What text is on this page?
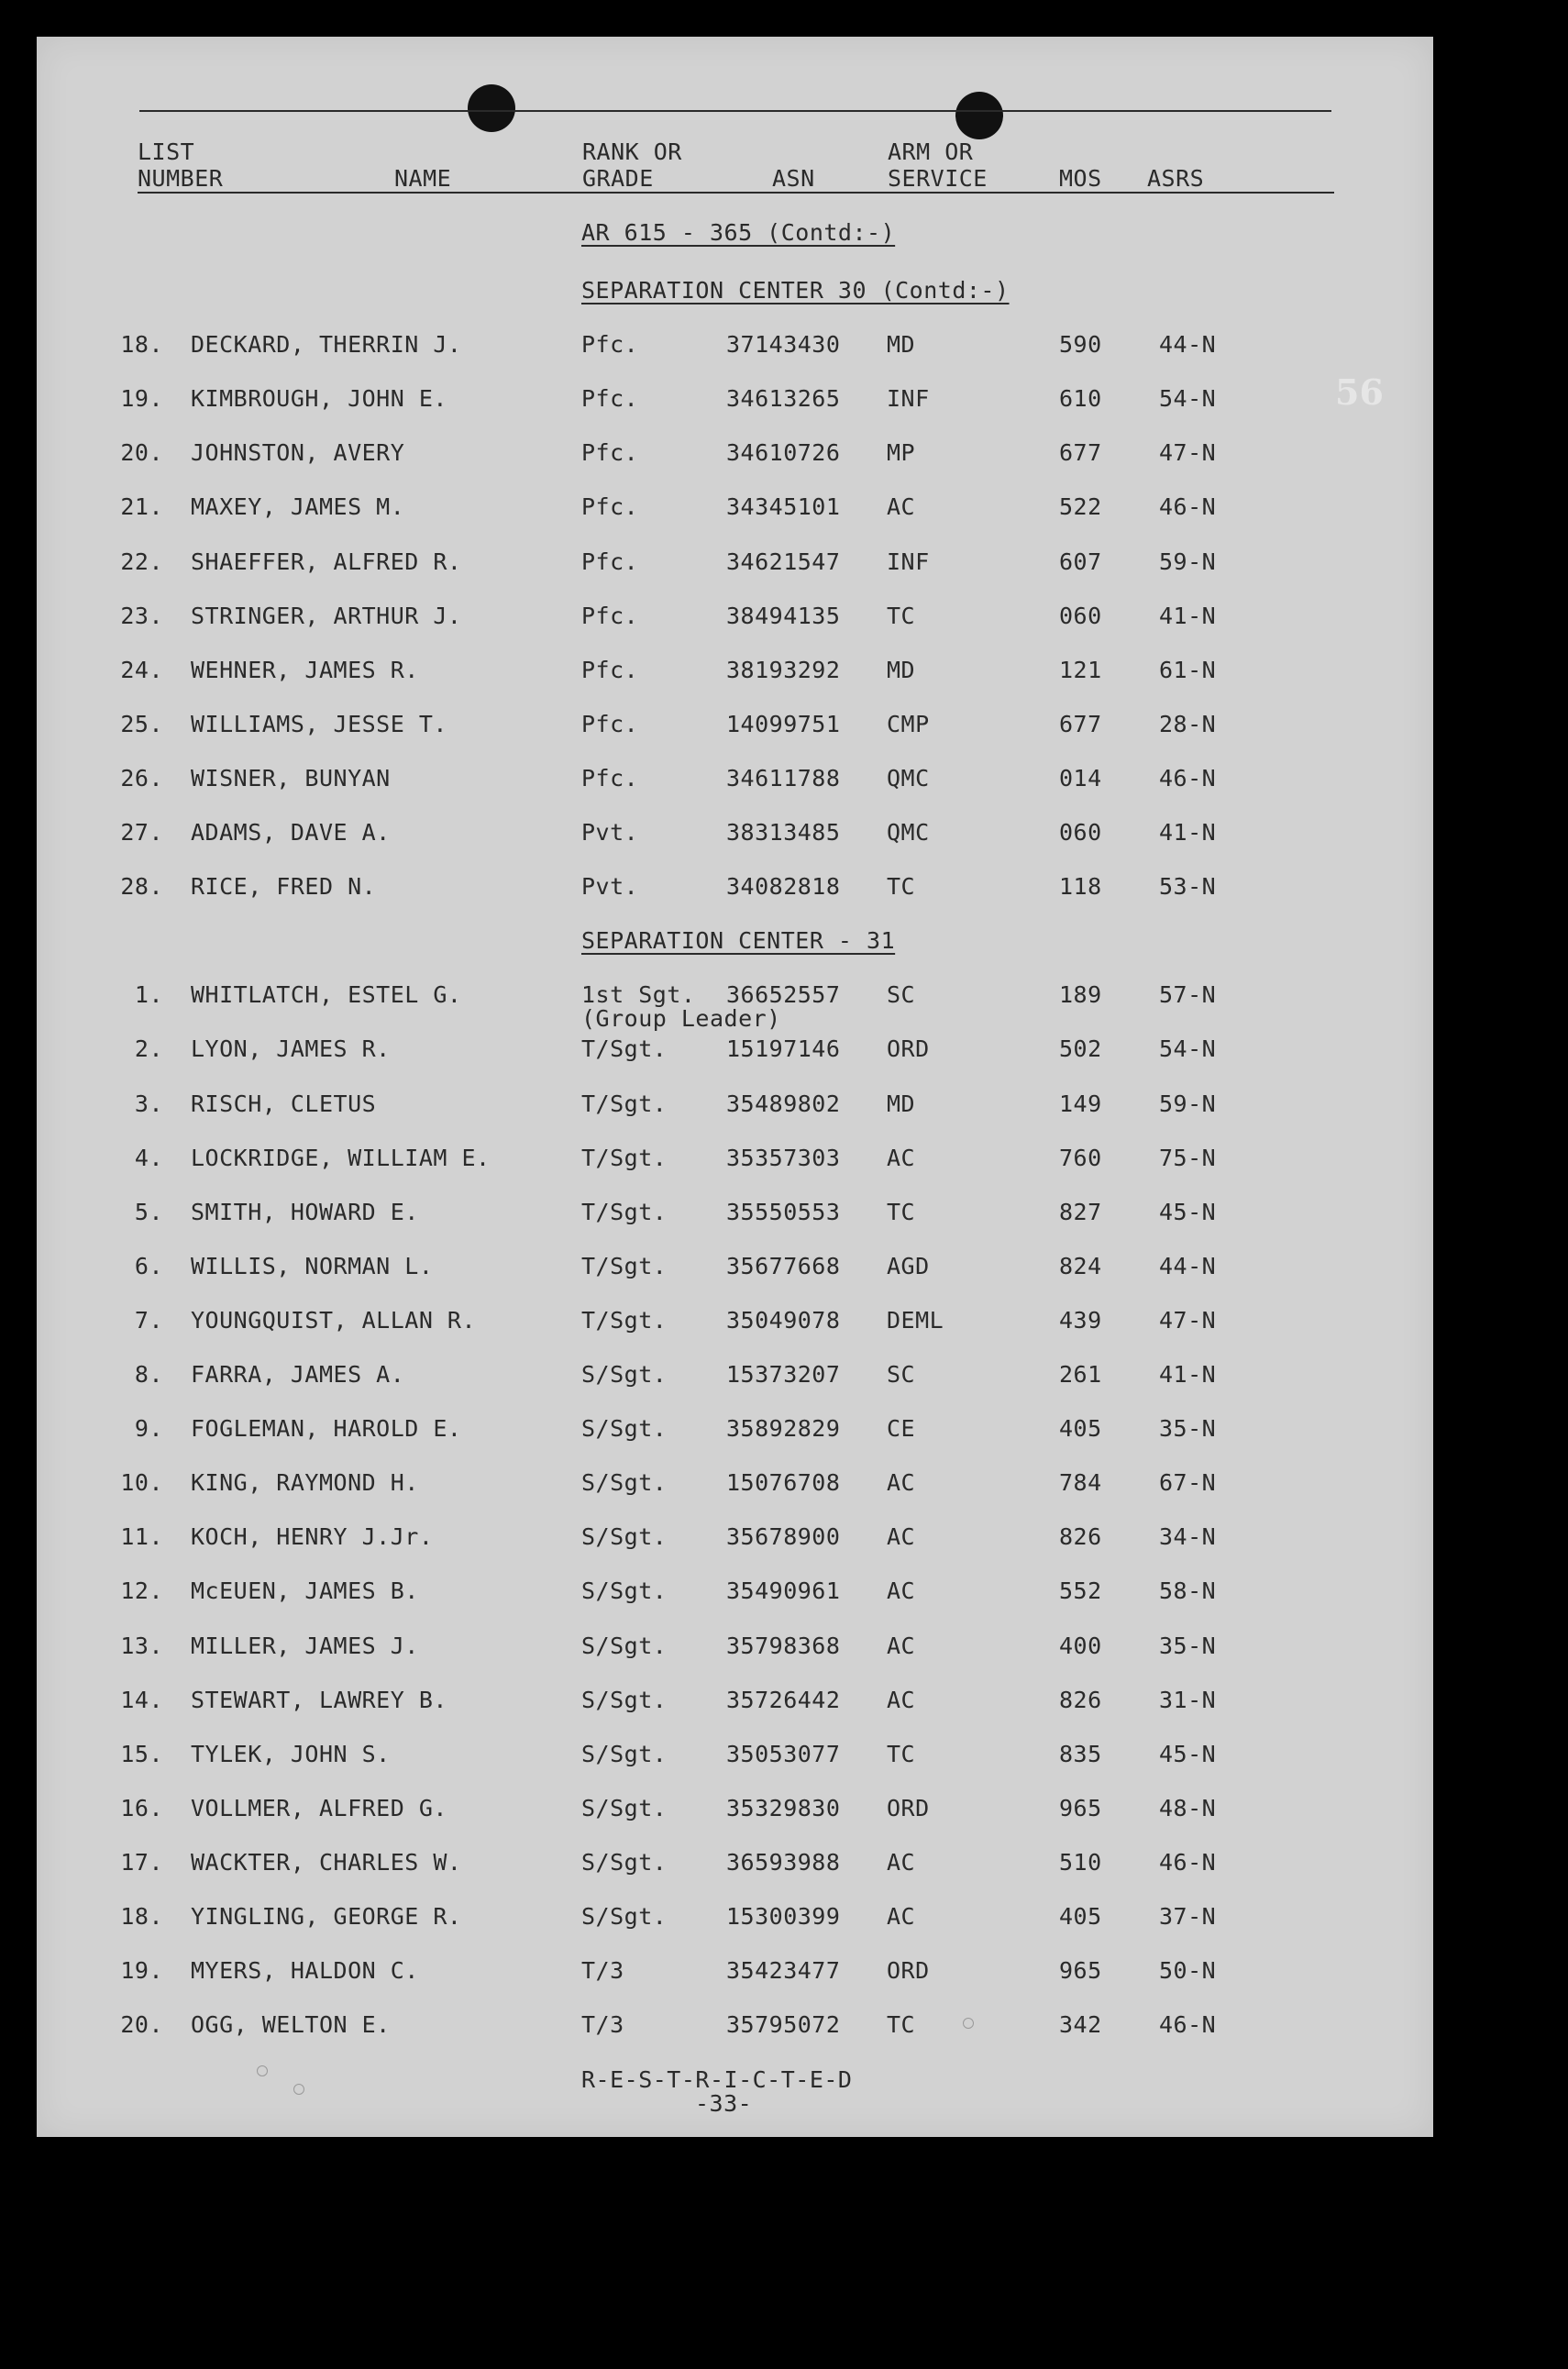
LIST
NUMBER	NAME
RANK OR
GRADE	ASN
ARM OR
SERVICE	MOS ASRS
AR 615 - 365 (Contd:-)
SEPARATION CENTER 30 (Contd:-)
18. DECKARD, THERRIN J.	Pfc.	37143430 MD	590 44-N
19. KIMBROUGH, JOHN E.	Pfc.	34613265 INF	610 54-N
20. JOHNSTON, AVERY	Pfc.	34610726 MP	677 47-N
21. MAXEY, JAMES M.	Pfc.	34345101 AC	522 46-N
22. SHAEFFER, ALFRED R.	Pfc.	34621547 INF	607 59-N
23. STRINGER, ARTHUR J.	Pfc.	38494135 TC	060 41-N
24. WEHNER, JAMES R.	Pfc.	38193292 MD	121 61-N
25. WILLIAMS, JESSE T.	Pfc.	14099751 CMP	677 28-N
26. WISNER, BUNYAN	Pfc.	34611788 QMC	014 46-N
27. ADAMS, DAVE A.	Pvt.	38313485 QMC	060 41-N
28. RICE, FRED N.	Pvt.	34082818 TC	118 53-N
SEPARATION CENTER - 31
1. WHITLATCH, ESTEL G.	1st Sgt. 36652557 SC	189 57-N
(Group Leader)
2. LYON, JAMES R.	T/Sgt.	15197146 ORD	502 54-N
3. RISCH, CLETUS	T/Sgt.	35489802 MD	149 59-N
4. LOCKRIDGE, WILLIAM E.	T/Sgt.	35357303 AC	760 75-N
5. SMITH, HOWARD E.	T/Sgt.	35550553 TC	827 45-N
6. WILLIS, NORMAN L.	T/Sgt.	35677668 AGD	824 44-N
7. YOUNGQUIST, ALLAN R.	T/Sgt.	35049078 DEML	439 47-N
8. FARRA, JAMES A.	S/Sgt.	15373207 SC	261 41-N
9. FOGLEMAN, HAROLD E.	S/Sgt.	35892829 CE	405 35-N
10. KING, RAYMOND H.	S/Sgt.	15076708 AC	784 67-N
11. KOCH, HENRY J.Jr.	S/Sgt.	35678900 AC	826 34-N
12. McEUEN, JAMES B.	S/Sgt.	35490961 AC	552 58-N
13. MILLER, JAMES J.	S/Sgt.	35798368 AC	400 35-N
14. STEWART, LAWREY B.	S/Sgt.	35726442 AC	826 31-N
15. TYLEK, JOHN S.	S/Sgt.	35053077 TC	835 45-N
16. VOLLMER, ALFRED G.	S/Sgt.	35329830 ORD	965 48-N
17. WACKTER, CHARLES W.	S/Sgt.	36593988 AC	510 46-N
18. YINGLING, GEORGE R.	S/Sgt.	15300399 AC	405 37-N
19. MYERS, HALDON C.	T/3	35423477 ORD	965 50-N
20. OGG, WELTON E.	T/3	35795072 TC	342 46-N
R-E-S-T-R-I-C-T-E-D
-33-
56
